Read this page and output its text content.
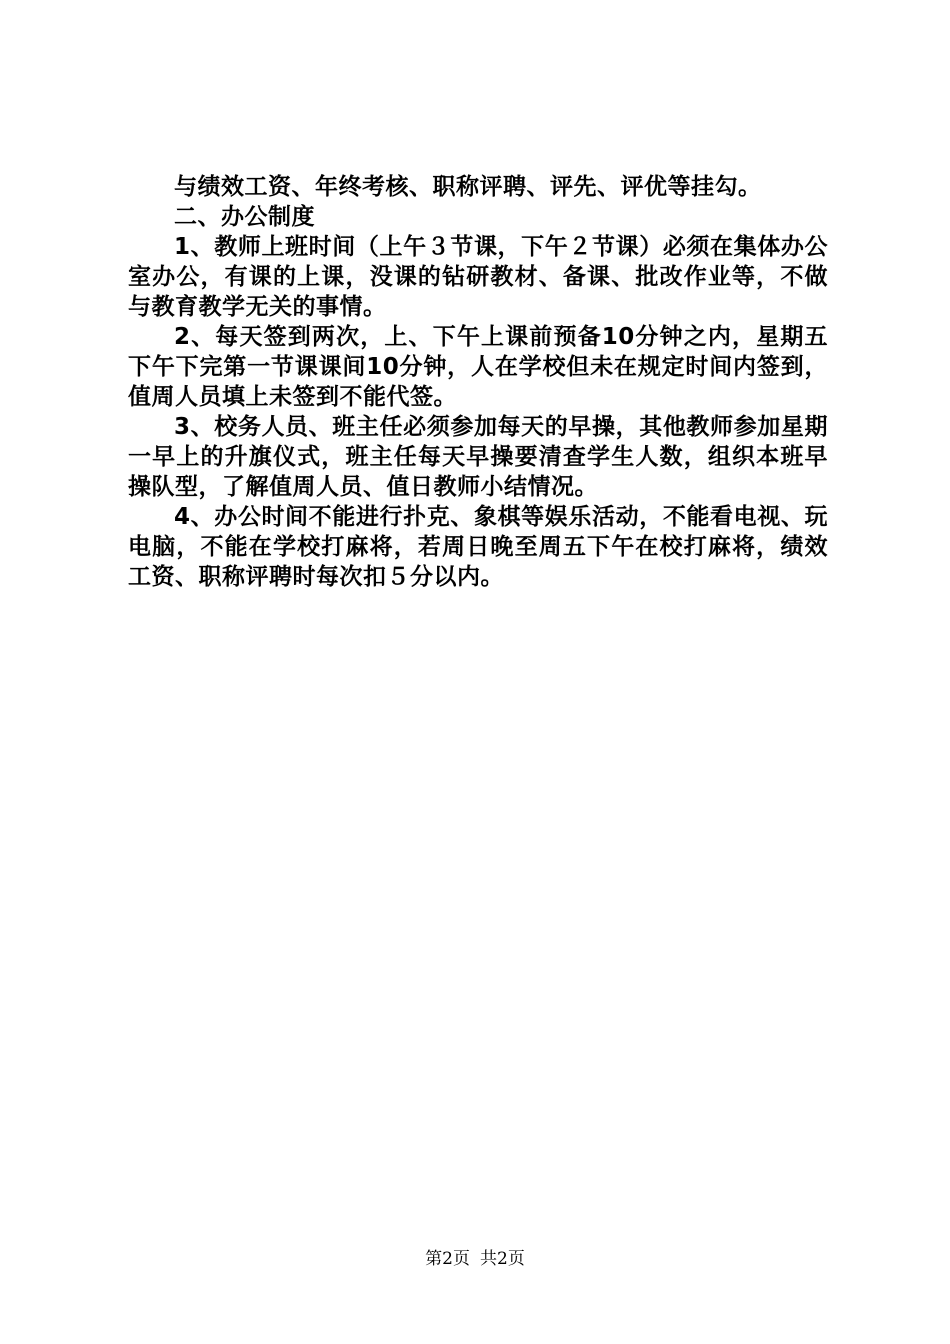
与绩效工资、年终考核、职称评聘、评先、评优等挂勾。

二、办公制度

1、教师上班时间（上午３节课，下午２节课）必须在集体办公室办公，有课的上课，没课的钻研教材、备课、批改作业等，不做与教育教学无关的事情。

2、每天签到两次，上、下午上课前预备10分钟之内，星期五下午下完第一节课课间10分钟，人在学校但未在规定时间内签到，值周人员填上未签到不能代签。

3、校务人员、班主任必须参加每天的早操，其他教师参加星期一早上的升旗仪式，班主任每天早操要清查学生人数，组织本班早操队型，了解值周人员、值日教师小结情况。

4、办公时间不能进行扑克、象棋等娱乐活动，不能看电视、玩电脑，不能在学校打麻将，若周日晚至周五下午在校打麻将，绩效工资、职称评聘时每次扣５分以内。

第2页 共2页
